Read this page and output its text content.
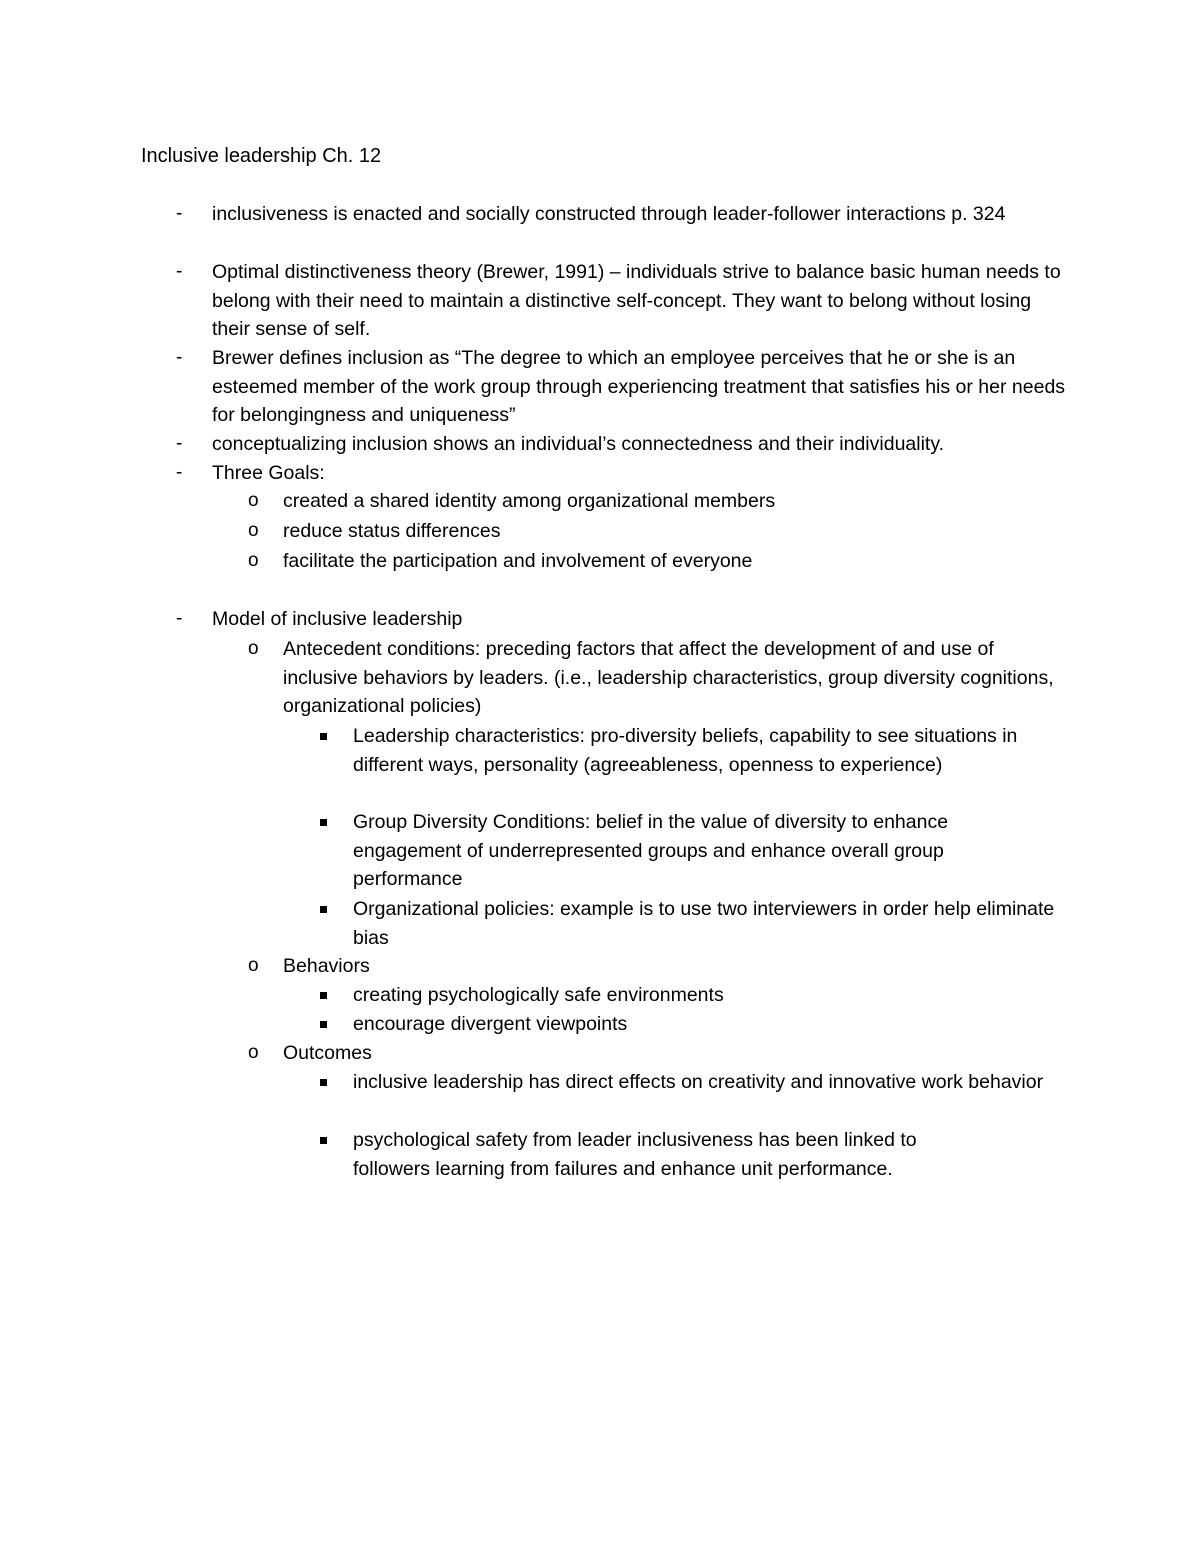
Inclusive leadership Ch. 12
- inclusiveness is enacted and socially constructed through leader-follower interactions p. 324
- Optimal distinctiveness theory (Brewer, 1991) – individuals strive to balance basic human needs to belong with their need to maintain a distinctive self-concept. They want to belong without losing their sense of self.
- Brewer defines inclusion as “The degree to which an employee perceives that he or she is an esteemed member of the work group through experiencing treatment that satisfies his or her needs for belongingness and uniqueness”
- conceptualizing inclusion shows an individual’s connectedness and their individuality.
- Three Goals:
o created a shared identity among organizational members
o reduce status differences
o facilitate the participation and involvement of everyone
- Model of inclusive leadership
o Antecedent conditions: preceding factors that affect the development of and use of inclusive behaviors by leaders. (i.e., leadership characteristics, group diversity cognitions, organizational policies)
Leadership characteristics: pro-diversity beliefs, capability to see situations in different ways, personality (agreeableness, openness to experience)
Group Diversity Conditions: belief in the value of diversity to enhance engagement of underrepresented groups and enhance overall group performance
Organizational policies: example is to use two interviewers in order help eliminate bias
o Behaviors
creating psychologically safe environments
encourage divergent viewpoints
o Outcomes
inclusive leadership has direct effects on creativity and innovative work behavior
psychological safety from leader inclusiveness has been linked to followers learning from failures and enhance unit performance.
